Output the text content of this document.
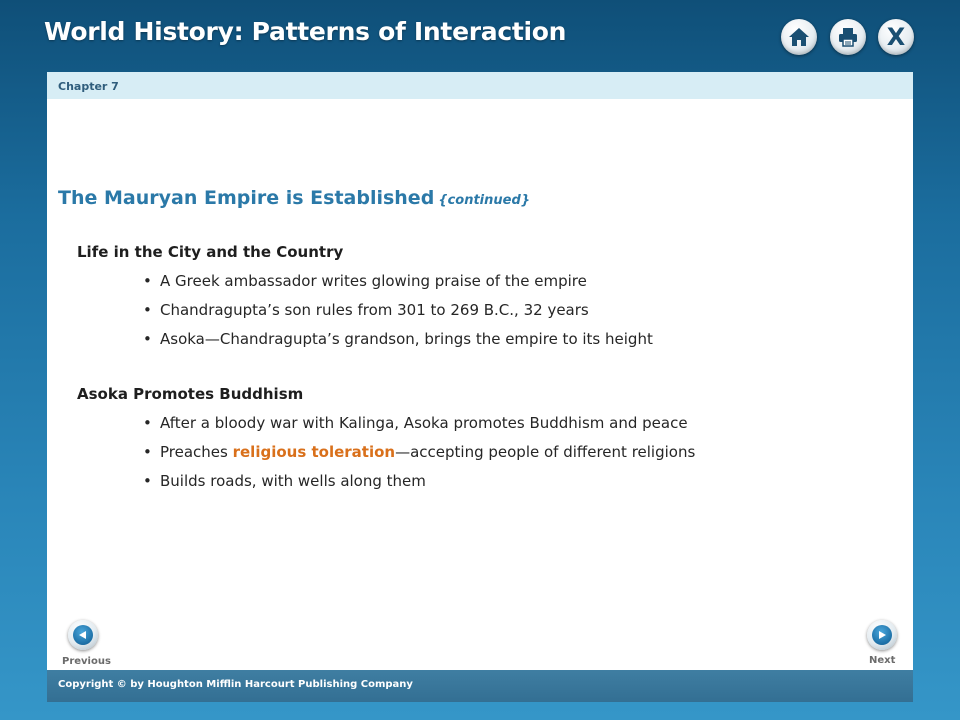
World History: Patterns of Interaction	X
Chapter 7
The Mauryan Empire is Established {continued}
Life in the City and the Country
• A Greek ambassador writes glowing praise of the empire
• Chandragupta’s son rules from 301 to 269 B.C., 32 years
• Asoka—Chandragupta’s grandson, brings the empire to its height
Asoka Promotes Buddhism
• After a bloody war with Kalinga, Asoka promotes Buddhism and peace
• Preaches religious toleration—accepting people of different religions
• Builds roads, with wells along them
Previous	Next
Copyright © by Houghton Mifflin Harcourt Publishing Company
